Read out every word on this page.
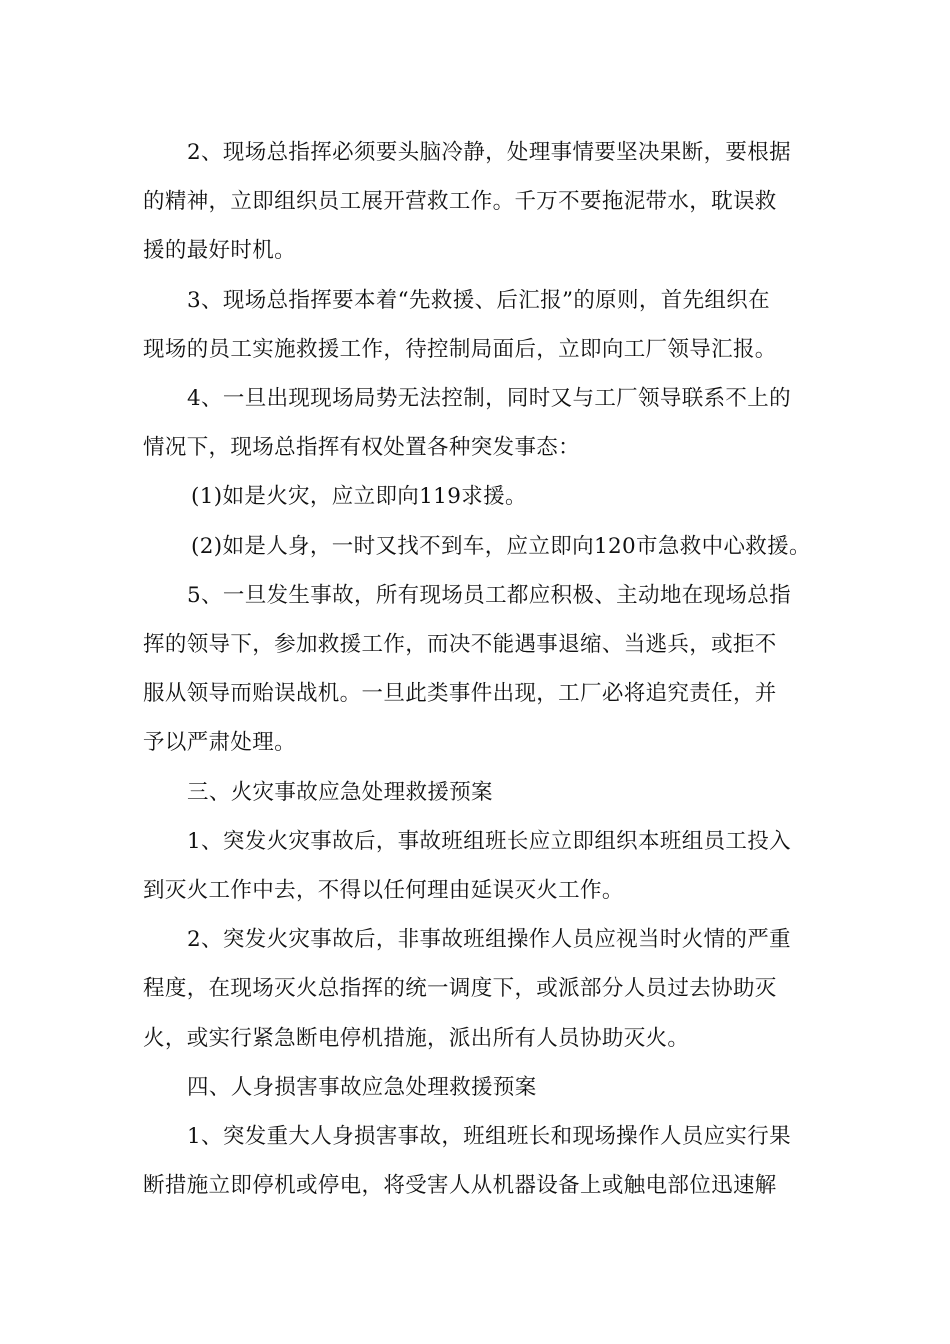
2、现场总指挥必须要头脑冷静，处理事情要坚决果断，要根据
的精神，立即组织员工展开营救工作。千万不要拖泥带水，耽误救
援的最好时机。

3、现场总指挥要本着“先救援、后汇报”的原则，首先组织在
现场的员工实施救援工作，待控制局面后，立即向工厂领导汇报。

4、一旦出现现场局势无法控制，同时又与工厂领导联系不上的
情况下，现场总指挥有权处置各种突发事态：

(1)如是火灾，应立即向119求援。

(2)如是人身，一时又找不到车，应立即向120市急救中心救援。

5、一旦发生事故，所有现场员工都应积极、主动地在现场总指
挥的领导下，参加救援工作，而决不能遇事退缩、当逃兵，或拒不
服从领导而贻误战机。一旦此类事件出现，工厂必将追究责任，并
予以严肃处理。

三、火灾事故应急处理救援预案

1、突发火灾事故后，事故班组班长应立即组织本班组员工投入
到灭火工作中去，不得以任何理由延误灭火工作。

2、突发火灾事故后，非事故班组操作人员应视当时火情的严重
程度，在现场灭火总指挥的统一调度下，或派部分人员过去协助灭
火，或实行紧急断电停机措施，派出所有人员协助灭火。

四、人身损害事故应急处理救援预案

1、突发重大人身损害事故，班组班长和现场操作人员应实行果
断措施立即停机或停电，将受害人从机器设备上或触电部位迅速解
